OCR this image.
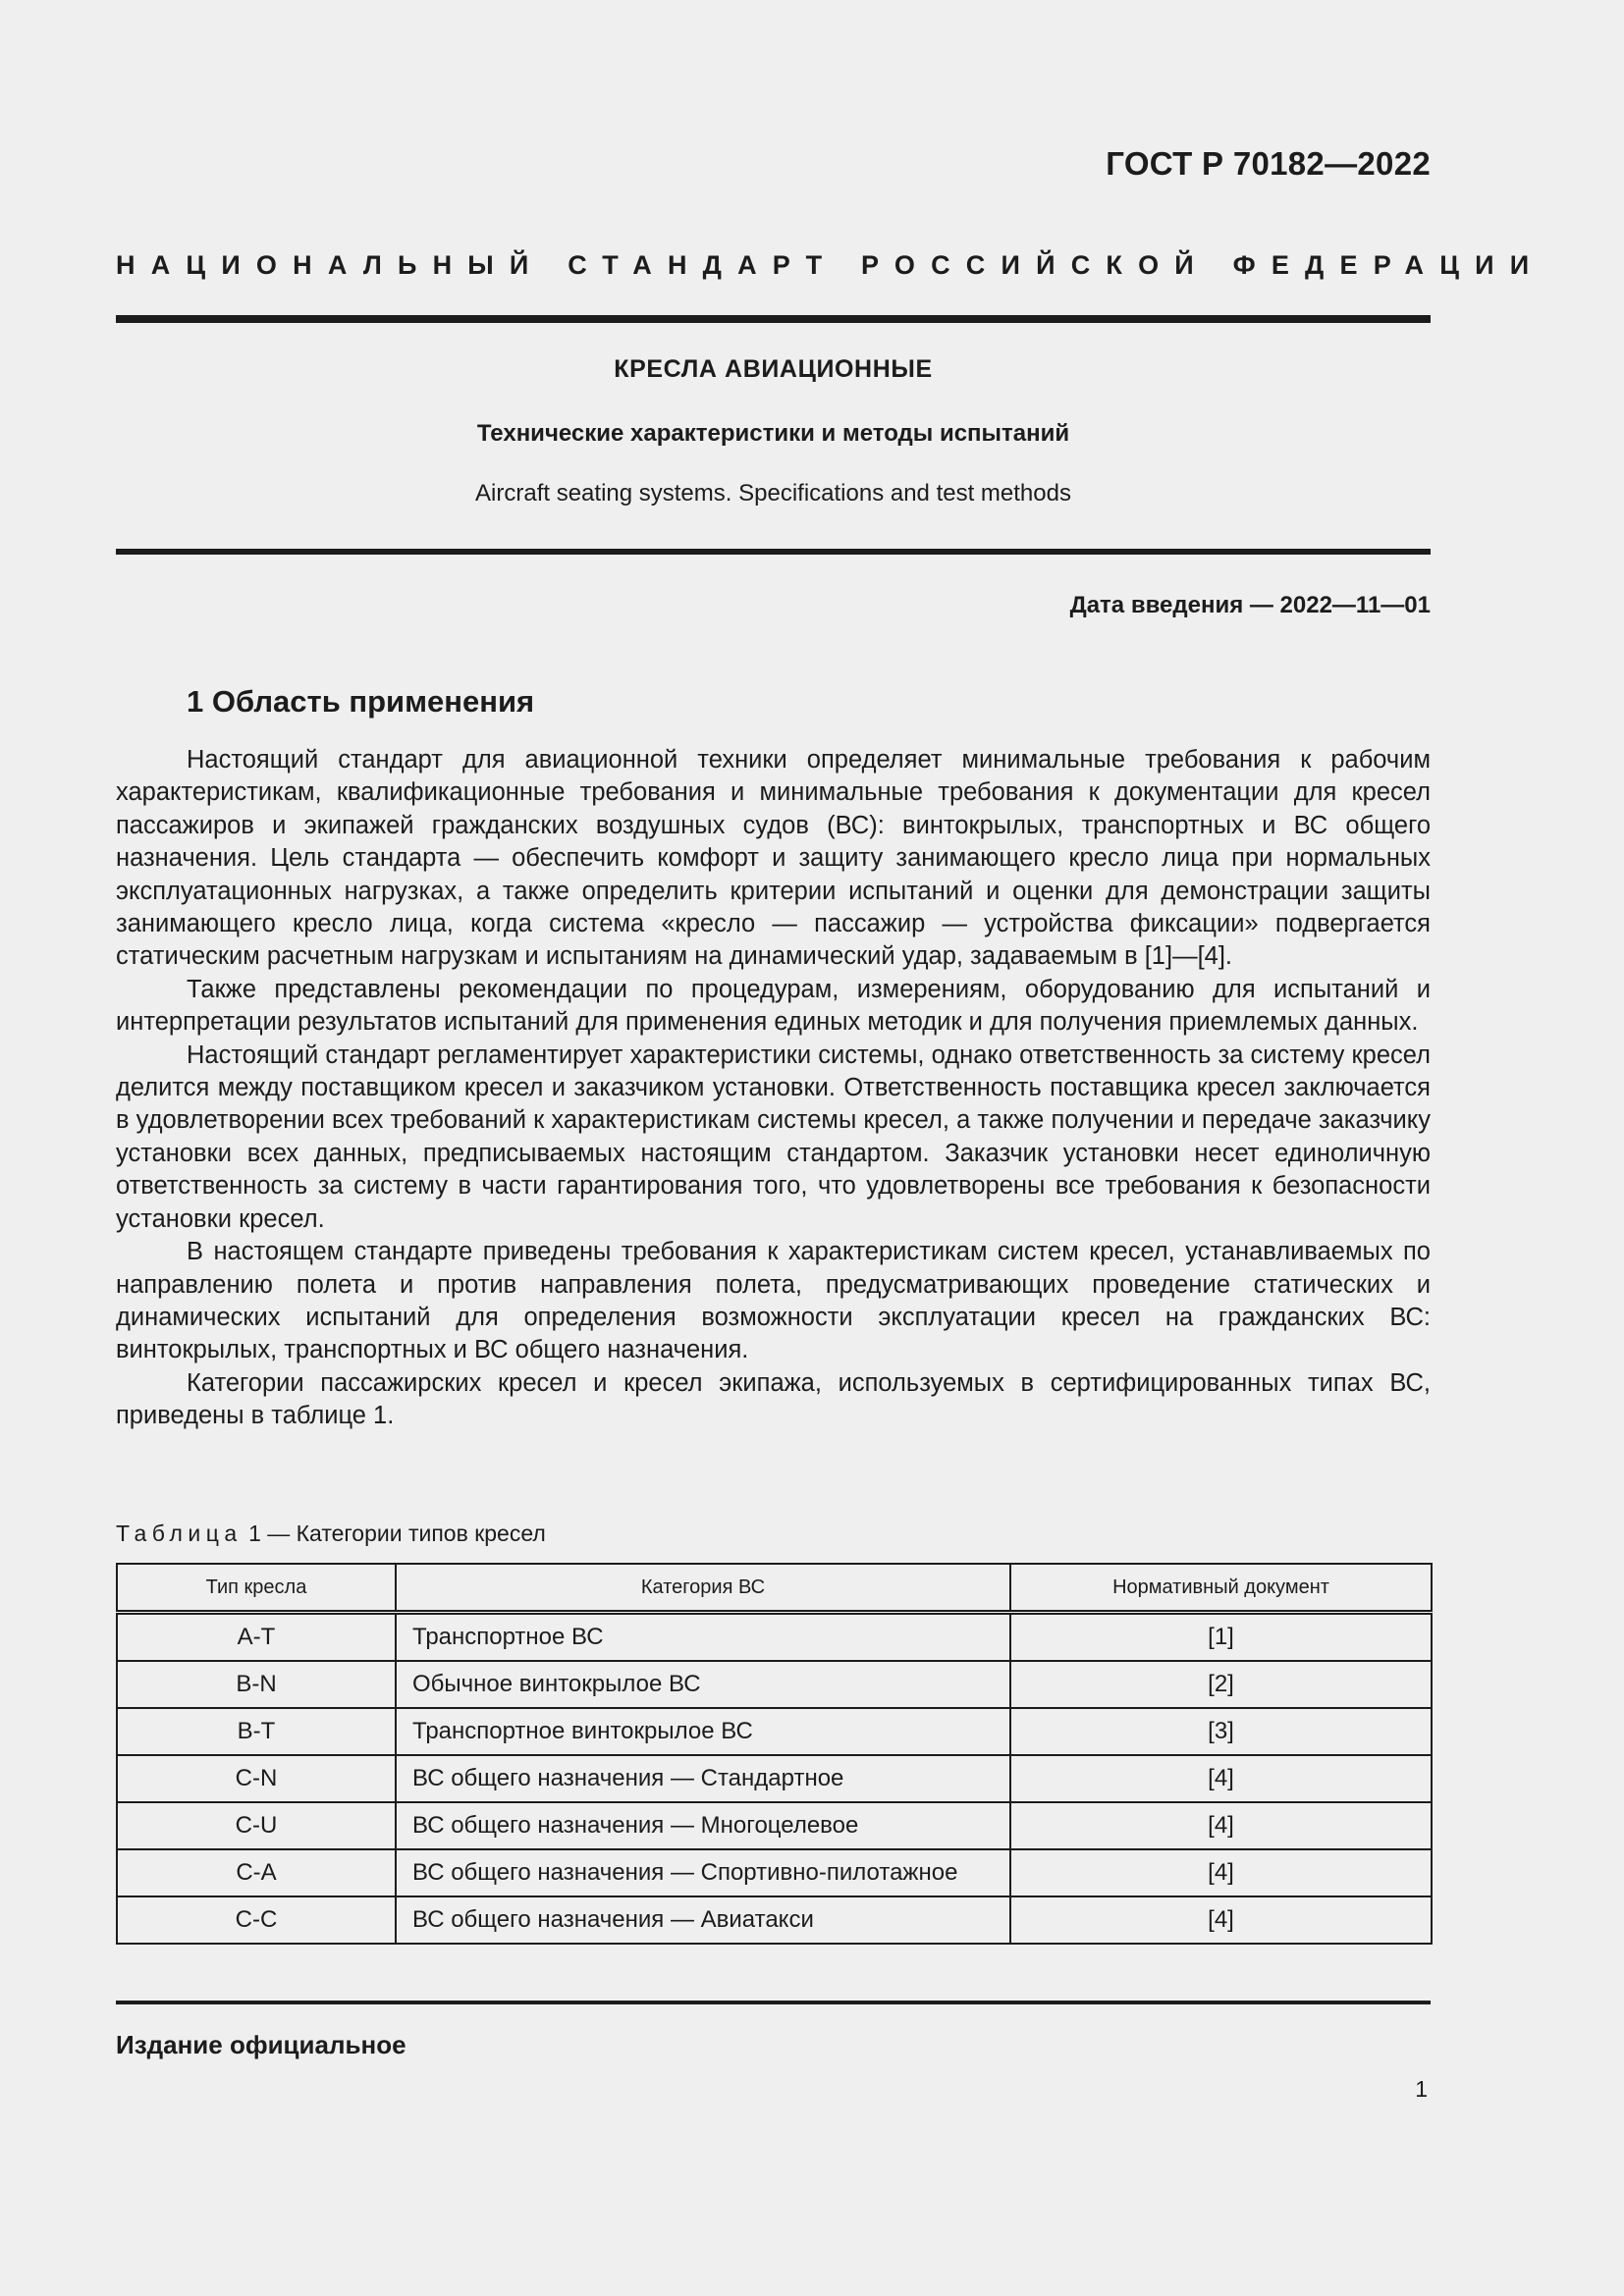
ГОСТ Р 70182—2022
НАЦИОНАЛЬНЫЙ СТАНДАРТ РОССИЙСКОЙ ФЕДЕРАЦИИ
КРЕСЛА АВИАЦИОННЫЕ
Технические характеристики и методы испытаний
Aircraft seating systems. Specifications and test methods
Дата введения — 2022—11—01
1 Область применения

Настоящий стандарт для авиационной техники определяет минимальные требования к рабочим характеристикам, квалификационные требования и минимальные требования к документации для кресел пассажиров и экипажей гражданских воздушных судов (ВС): винтокрылых, транспортных и ВС общего назначения. Цель стандарта — обеспечить комфорт и защиту занимающего кресло лица при нормальных эксплуатационных нагрузках, а также определить критерии испытаний и оценки для демонстрации защиты занимающего кресло лица, когда система «кресло — пассажир — устройства фиксации» подвергается статическим расчетным нагрузкам и испытаниям на динамический удар, задаваемым в [1]—[4].

Также представлены рекомендации по процедурам, измерениям, оборудованию для испытаний и интерпретации результатов испытаний для применения единых методик и для получения приемлемых данных.

Настоящий стандарт регламентирует характеристики системы, однако ответственность за систему кресел делится между поставщиком кресел и заказчиком установки. Ответственность поставщика кресел заключается в удовлетворении всех требований к характеристикам системы кресел, а также получении и передаче заказчику установки всех данных, предписываемых настоящим стандартом. Заказчик установки несет единоличную ответственность за систему в части гарантирования того, что удовлетворены все требования к безопасности установки кресел.

В настоящем стандарте приведены требования к характеристикам систем кресел, устанавливаемых по направлению полета и против направления полета, предусматривающих проведение статических и динамических испытаний для определения возможности эксплуатации кресел на гражданских ВС: винтокрылых, транспортных и ВС общего назначения.

Категории пассажирских кресел и кресел экипажа, используемых в сертифицированных типах ВС, приведены в таблице 1.

Таблица 1 — Категории типов кресел
Тип кресла	Категория ВС	Нормативный документ
A-T	Транспортное ВС	[1]
B-N	Обычное винтокрылое ВС	[2]
B-T	Транспортное винтокрылое ВС	[3]
C-N	ВС общего назначения — Стандартное	[4]
C-U	ВС общего назначения — Многоцелевое	[4]
C-A	ВС общего назначения — Спортивно-пилотажное	[4]
C-C	ВС общего назначения — Авиатакси	[4]
Издание официальное
1
